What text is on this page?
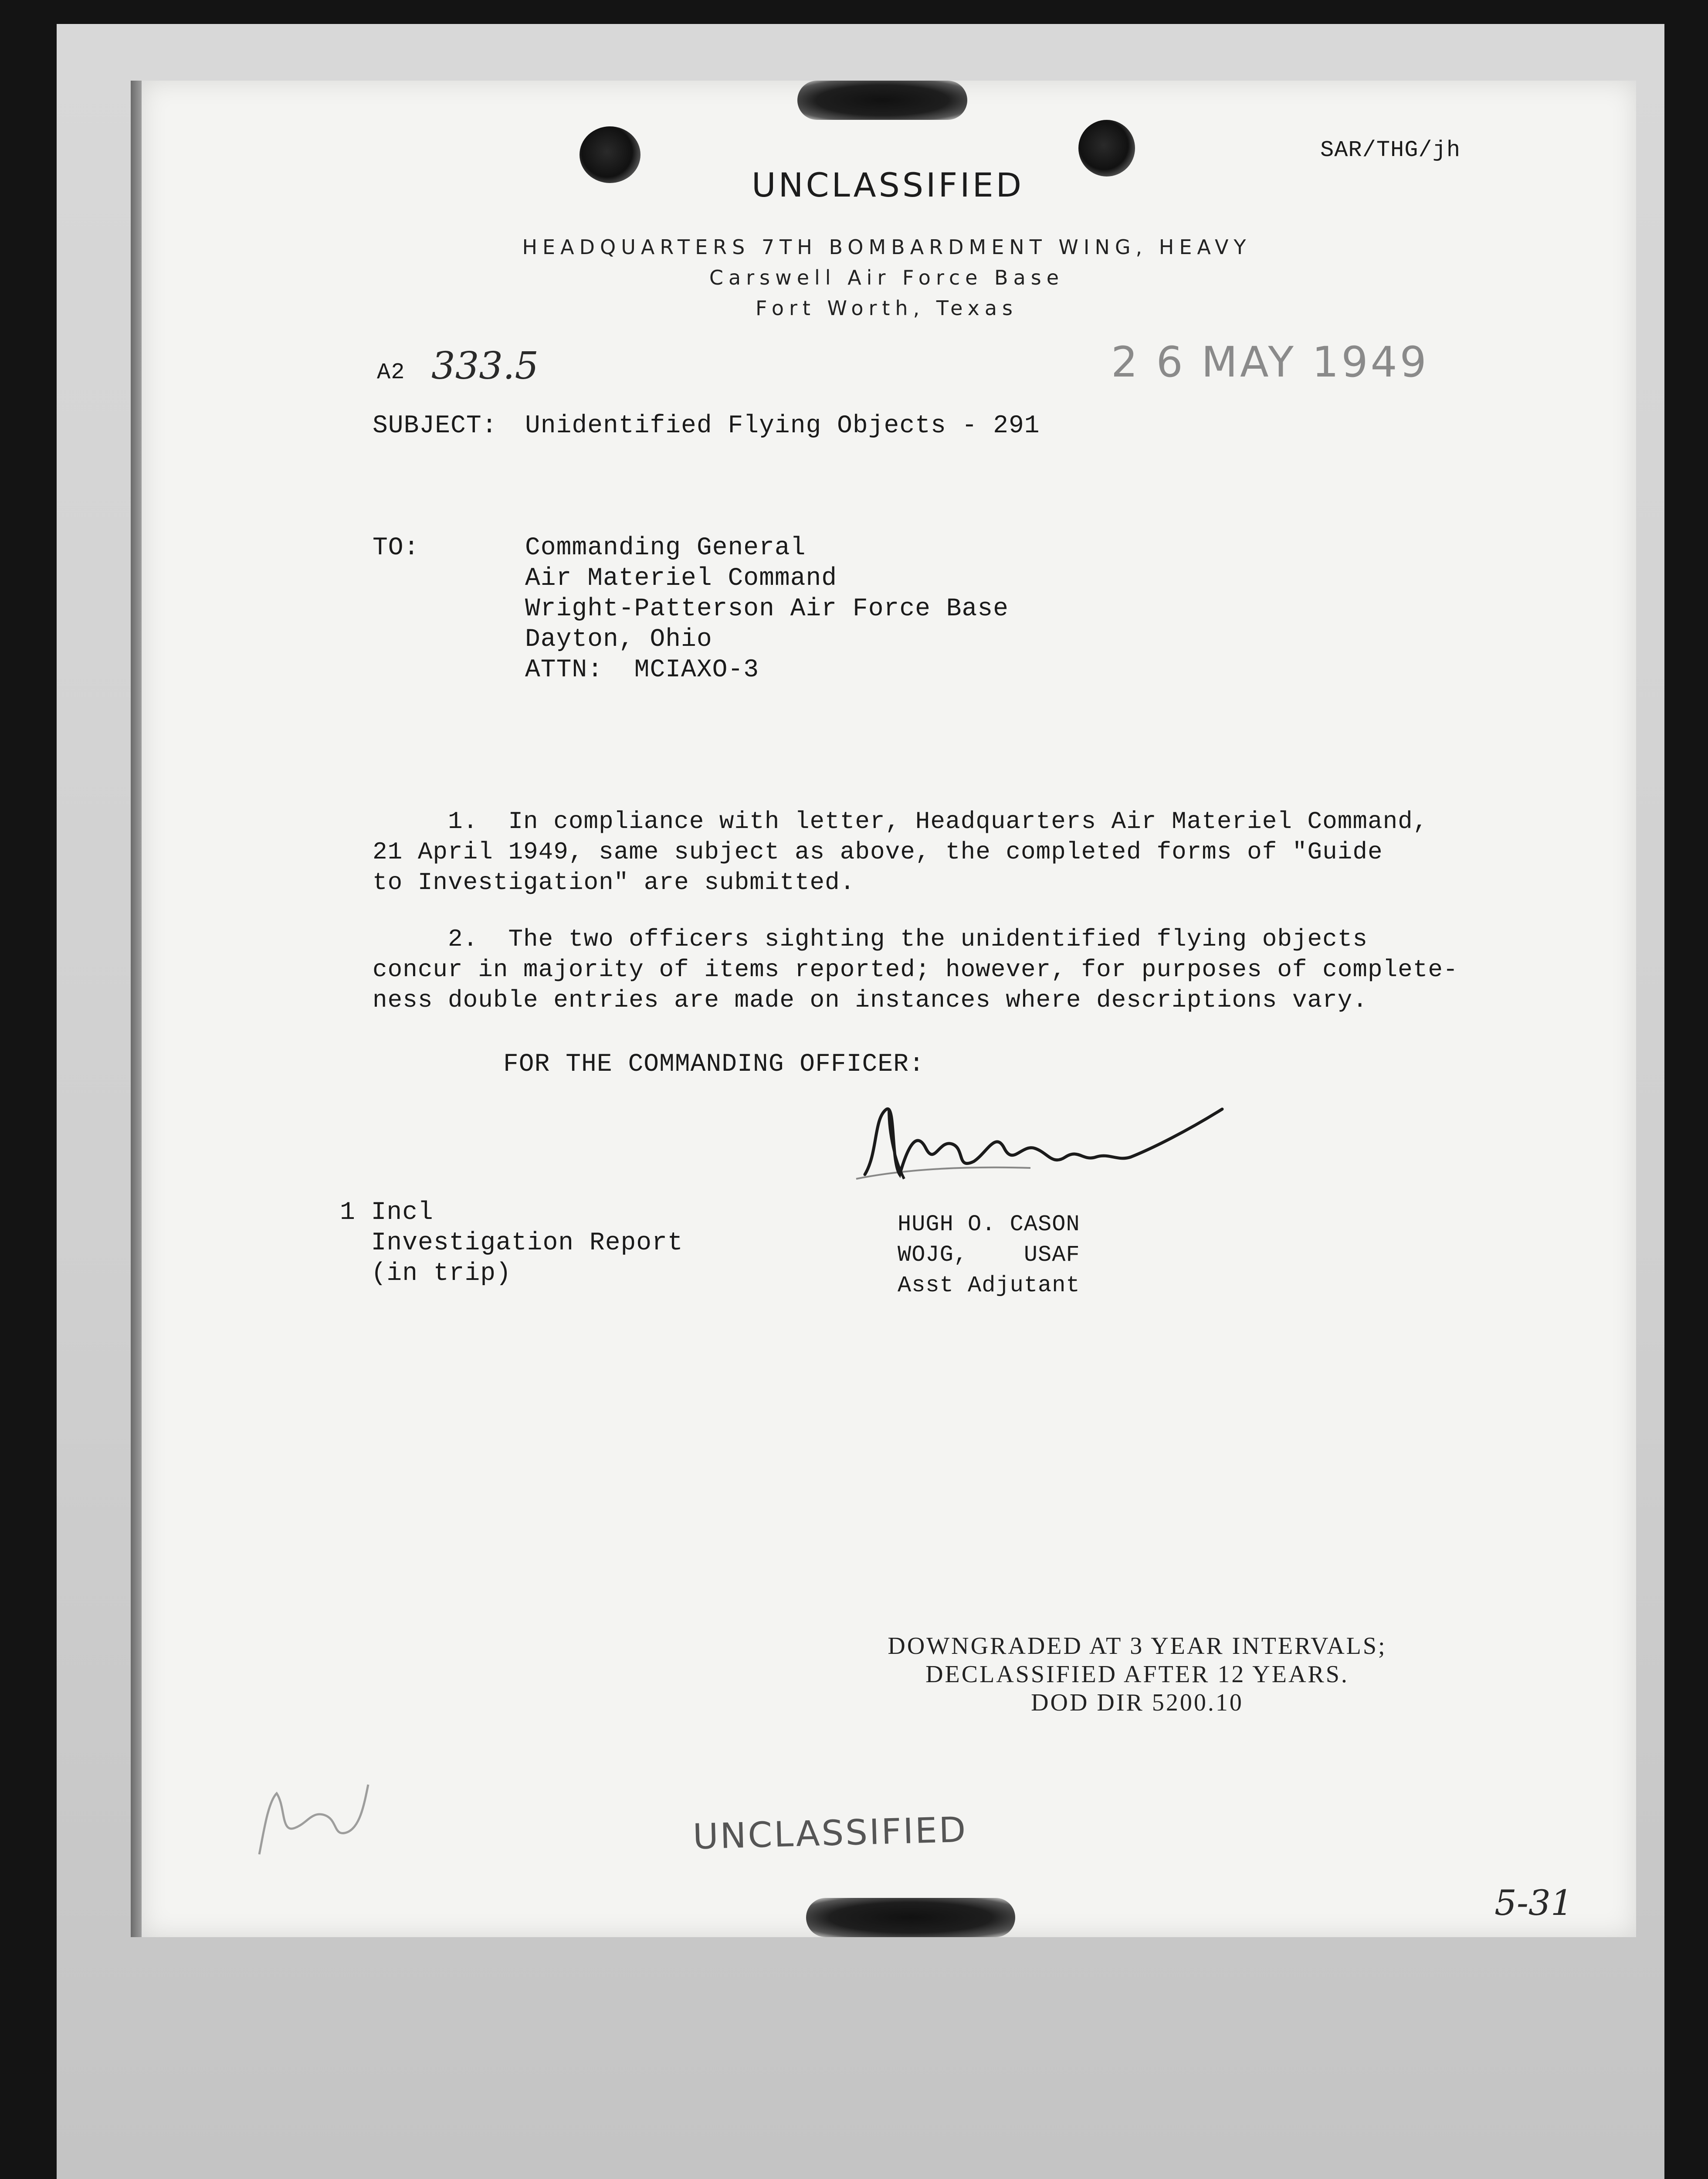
SAR/THG/jh
UNCLASSIFIED
HEADQUARTERS 7TH BOMBARDMENT WING, HEAVY
Carswell Air Force Base
Fort Worth, Texas
A2 333.5	2 6 MAY 1949
SUBJECT: Unidentified Flying Objects - 291
TO:	Commanding General
Air Materiel Command
Wright-Patterson Air Force Base
Dayton, Ohio
ATTN:  MCIAXO-3
1.  In compliance with letter, Headquarters Air Materiel Command,
21 April 1949, same subject as above, the completed forms of "Guide
to Investigation" are submitted.
2.  The two officers sighting the unidentified flying objects
concur in majority of items reported; however, for purposes of complete-
ness double entries are made on instances where descriptions vary.
FOR THE COMMANDING OFFICER:
1 Incl
Investigation Report
(in trip)
HUGH O. CASON
WOJG,    USAF
Asst Adjutant
DOWNGRADED AT 3 YEAR INTERVALS;
DECLASSIFIED AFTER 12 YEARS.
DOD DIR 5200.10
UNCLASSIFIED
5-31
